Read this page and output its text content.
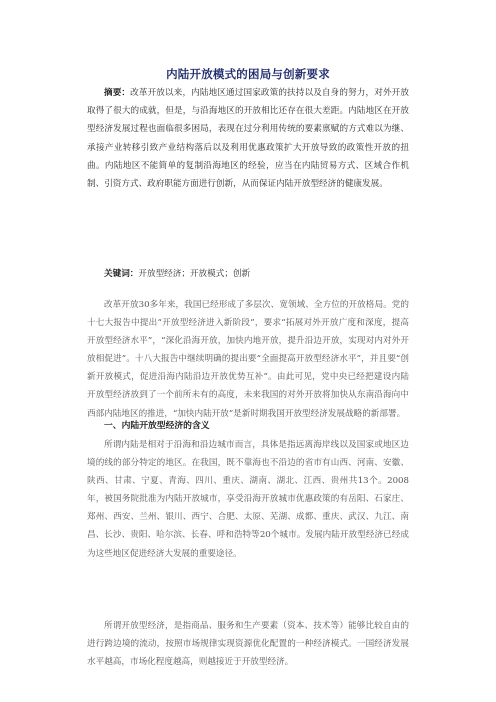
内陆开放模式的困局与创新要求

摘要：改革开放以来，内陆地区通过国家政策的扶持以及自身的努力，对外开放取得了很大的成就，但是，与沿海地区的开放相比还存在很大差距。内陆地区在开放型经济发展过程也面临很多困局，表现在过分利用传统的要素禀赋的方式难以为继、承接产业转移引致产业结构落后以及利用优惠政策扩大开放导致的政策性开放的扭曲。内陆地区不能简单的复制沿海地区的经验，应当在内陆贸易方式、区域合作机制、引资方式、政府职能方面进行创新，从而保证内陆开放型经济的健康发展。

关键词：开放型经济；开放模式；创新

改革开放30多年来，我国已经形成了多层次、宽领域、全方位的开放格局。党的十七大报告中提出“开放型经济进入新阶段”，要求“拓展对外开放广度和深度，提高开放型经济水平”，“深化沿海开放，加快内地开放，提升沿边开放，实现对内对外开放相促进”。十八大报告中继续明确的提出要“全面提高开放型经济水平”，并且要“创新开放模式，促进沿海内陆沿边开放优势互补”。由此可见，党中央已经把建设内陆开放型经济放到了一个前所未有的高度，未来我国的对外开放将加快从东南沿海向中西部内陆地区的推进，“加快内陆开放”是新时期我国开放型经济发展战略的新部署。

一、内陆开放型经济的含义

所谓内陆是相对于沿海和沿边城市而言，具体是指远离海岸线以及国家或地区边境的线的部分特定的地区。在我国，既不靠海也不沿边的省市有山西、河南、安徽、陕西、甘肃、宁夏、青海、四川、重庆、湖南、湖北、江西、贵州共13个。2008年，被国务院批准为内陆开放城市，享受沿海开放城市优惠政策的有岳阳、石家庄、郑州、西安、兰州、银川、西宁、合肥、太原、芜湖、成都、重庆、武汉、九江、南昌、长沙、贵阳、哈尔滨、长春、呼和浩特等20个城市。发展内陆开放型经济已经成为这些地区促进经济大发展的重要途径。

所谓开放型经济，是指商品、服务和生产要素（资本、技术等）能够比较自由的进行跨边境的流动，按照市场规律实现资源优化配置的一种经济模式。一国经济发展水平越高，市场化程度越高，则越接近于开放型经济。
